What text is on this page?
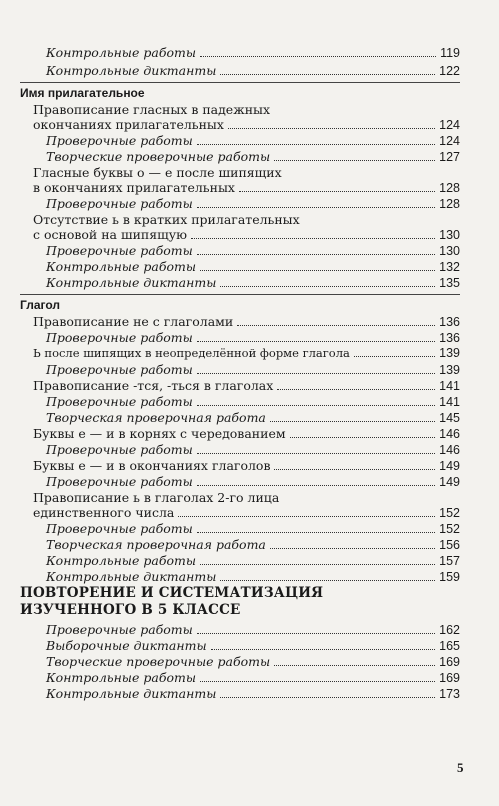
Контрольные работы	119
Контрольные диктанты	122
Имя прилагательное
Правописание гласных в падежных
окончаниях прилагательных	124
Проверочные работы	124
Творческие проверочные работы	127
Гласные буквы о — е после шипящих
в окончаниях прилагательных	128
Проверочные работы	128
Отсутствие ь в кратких прилагательных
с основой на шипящую	130
Проверочные работы	130
Контрольные работы	132
Контрольные диктанты	135
Глагол
Правописание не с глаголами	136
Проверочные работы	136
Ь после шипящих в неопределённой форме глагола	139
Проверочные работы	139
Правописание -тся, -ться в глаголах	141
Проверочные работы	141
Творческая проверочная работа	145
Буквы е — и в корнях с чередованием	146
Проверочные работы	146
Буквы е — и в окончаниях глаголов	149
Проверочные работы	149
Правописание ь в глаголах 2-го лица
единственного числа	152
Проверочные работы	152
Творческая проверочная работа	156
Контрольные работы	157
Контрольные диктанты	159
ПОВТОРЕНИЕ И СИСТЕМАТИЗАЦИЯ
ИЗУЧЕННОГО В 5 КЛАССЕ
Проверочные работы	162
Выборочные диктанты	165
Творческие проверочные работы	169
Контрольные работы	169
Контрольные диктанты	173
5
